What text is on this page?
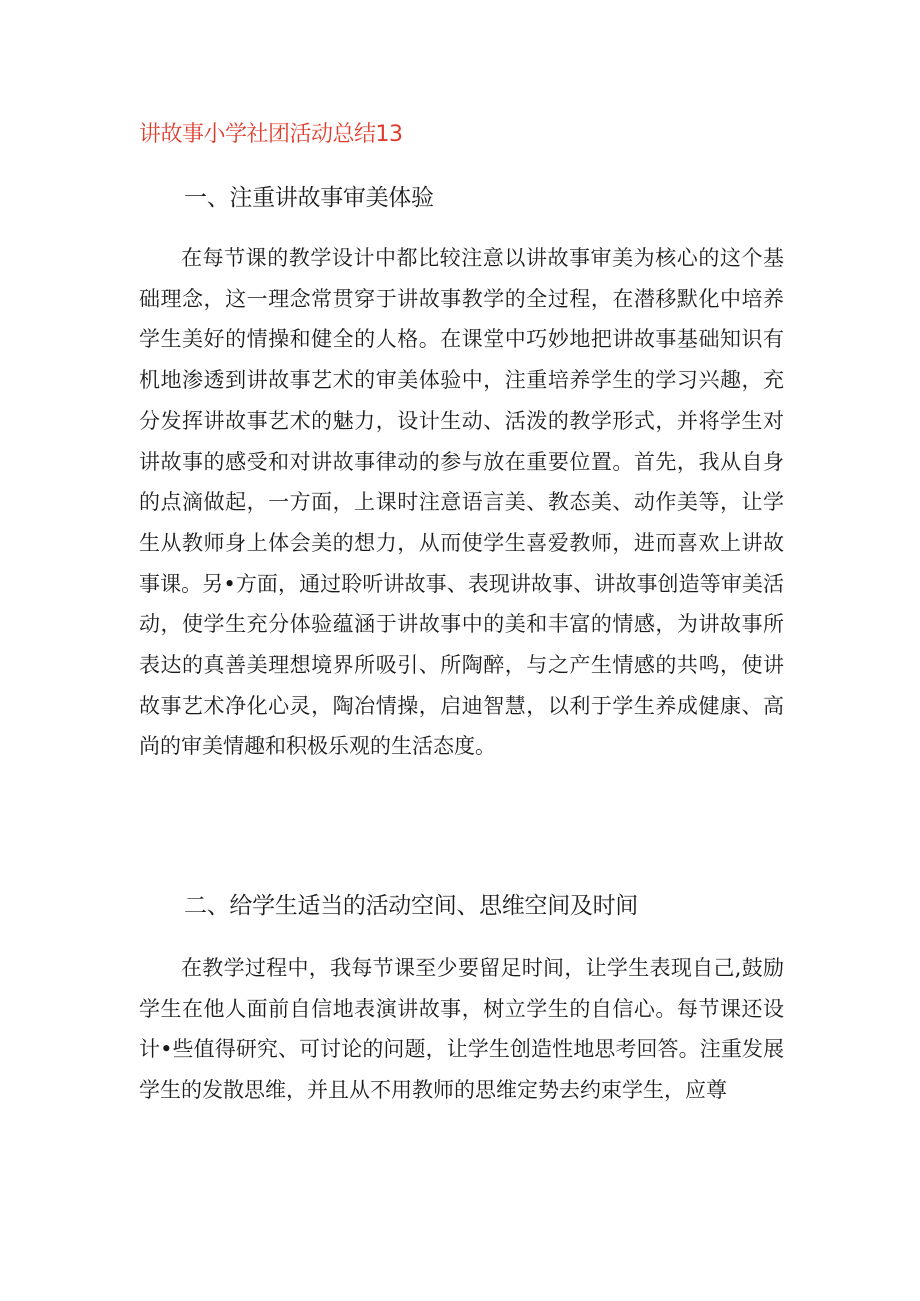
讲故事小学社团活动总结13
一、注重讲故事审美体验

在每节课的教学设计中都比较注意以讲故事审美为核心的这个基础理念，这一理念常贯穿于讲故事教学的全过程，在潜移默化中培养学生美好的情操和健全的人格。在课堂中巧妙地把讲故事基础知识有机地渗透到讲故事艺术的审美体验中，注重培养学生的学习兴趣，充分发挥讲故事艺术的魅力，设计生动、活泼的教学形式，并将学生对讲故事的感受和对讲故事律动的参与放在重要位置。首先，我从自身的点滴做起，一方面，上课时注意语言美、教态美、动作美等，让学生从教师身上体会美的想力，从而使学生喜爱教师，进而喜欢上讲故事课。另•方面，通过聆听讲故事、表现讲故事、讲故事创造等审美活动，使学生充分体验蕴涵于讲故事中的美和丰富的情感，为讲故事所表达的真善美理想境界所吸引、所陶醉，与之产生情感的共鸣，使讲故事艺术净化心灵，陶冶情操，启迪智慧，以利于学生养成健康、高尚的审美情趣和积极乐观的生活态度。

二、给学生适当的活动空间、思维空间及时间

在教学过程中，我每节课至少要留足时间，让学生表现自己,鼓励学生在他人面前自信地表演讲故事，树立学生的自信心。每节课还设计•些值得研究、可讨论的问题，让学生创造性地思考回答。注重发展学生的发散思维，并且从不用教师的思维定势去约束学生，应尊
